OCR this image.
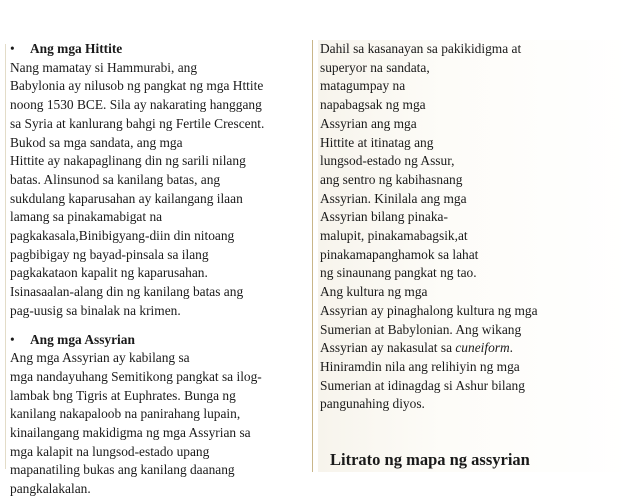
• Ang mga Hittite

Nang mamatay si Hammurabi, ang

Babylonia ay nilusob ng pangkat ng mga Httite

noong 1530 BCE. Sila ay nakarating hanggang

sa Syria at kanlurang bahgi ng Fertile Crescent.

Bukod sa mga sandata, ang mga

Hittite ay nakapaglinang din ng sarili nilang

batas. Alinsunod sa kanilang batas, ang

sukdulang kaparusahan ay kailangang ilaan

lamang sa pinakamabigat na

pagkakasala,Binibigyang-diin din nitoang

pagbibigay ng bayad-pinsala sa ilang

pagkakataon kapalit ng kaparusahan.

Isinasaalan-alang din ng kanilang batas ang

pag-uusig sa binalak na krimen.

• Ang mga Assyrian

Ang mga Assyrian ay kabilang sa

mga nandayuhang Semitikong pangkat sa ilog-

lambak bng Tigris at Euphrates. Bunga ng

kanilang nakapaloob na panirahang lupain,

kinailangang makidigma ng mga Assyrian sa

mga kalapit na lungsod-estado upang

mapanatiling bukas ang kanilang daanang

pangkalakalan.

Dahil sa kasanayan sa pakikidigma at

superyor na sandata,

matagumpay na

napabagsak ng mga

Assyrian ang mga

Hittite at itinatag ang

lungsod-estado ng Assur,

ang sentro ng kabihasnang

Assyrian. Kinilala ang mga

Assyrian bilang pinaka-

malupit, pinakamabagsik,at

pinakamapanghamok sa lahat

ng sinaunang pangkat ng tao.

Ang kultura ng mga

Assyrian ay pinaghalong kultura ng mga

Sumerian at Babylonian. Ang wikang

Assyrian ay nakasulat sa cuneiform.

Hiniramdin nila ang relihiyin ng mga

Sumerian at idinagdag si Ashur bilang

pangunahing diyos.

Litrato ng mapa ng assyrian
